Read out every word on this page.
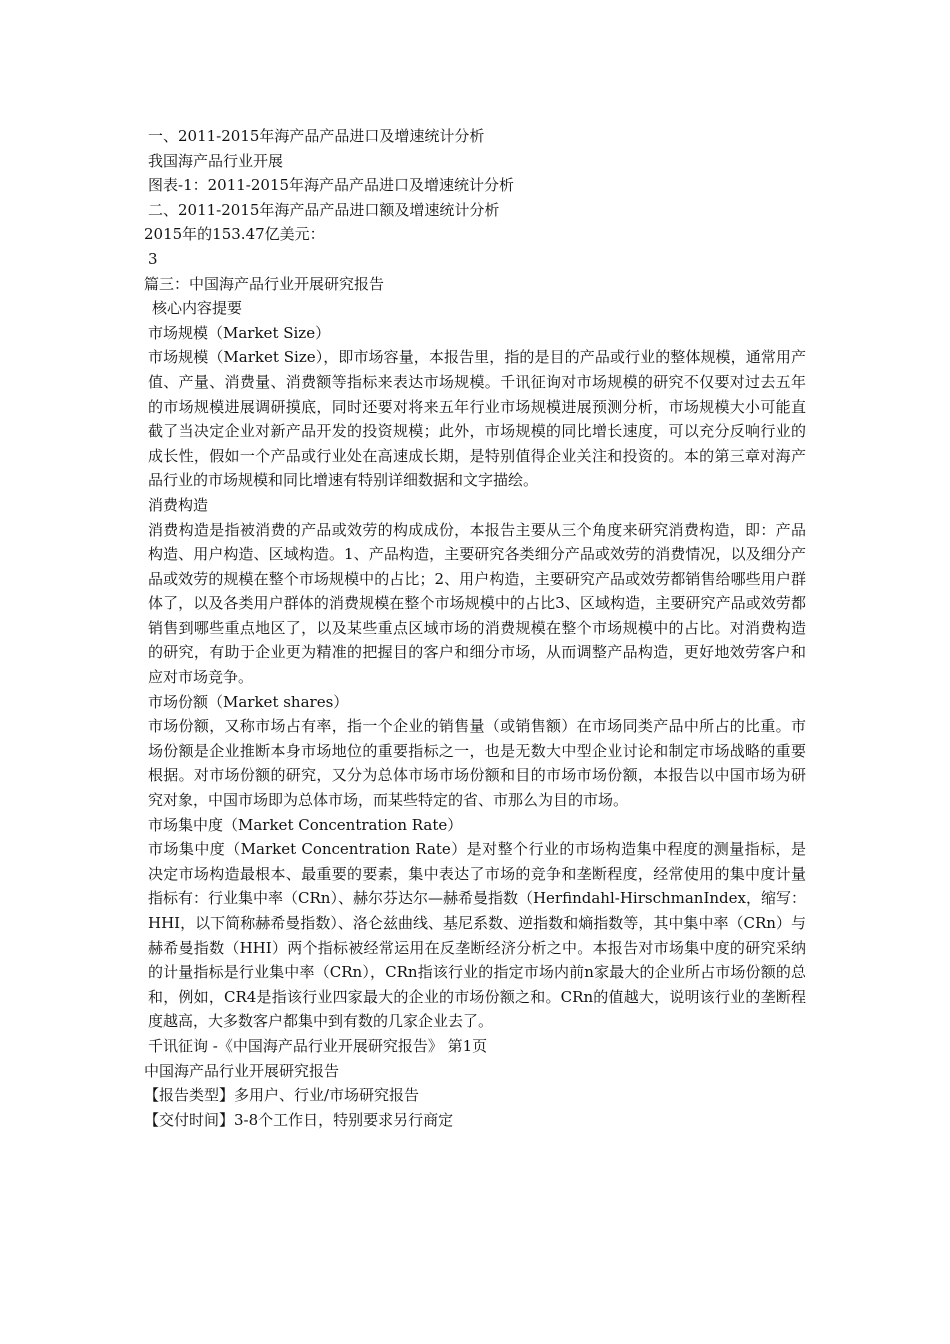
一、2011-2015年海产品产品进口及增速统计分析
我国海产品行业开展
图表-1：2011-2015年海产品产品进口及增速统计分析
二、2011-2015年海产品产品进口额及增速统计分析
2015年的153.47亿美元：
3
篇三：中国海产品行业开展研究报告
核心内容提要
市场规模（Market Size）

市场规模（Market Size），即市场容量，本报告里，指的是目的产品或行业的整体规模，通常用产值、产量、消费量、消费额等指标来表达市场规模。千讯征询对市场规模的研究不仅要对过去五年的市场规模进展调研摸底，同时还要对将来五年行业市场规模进展预测分析，市场规模大小可能直截了当决定企业对新产品开发的投资规模；此外，市场规模的同比增长速度，可以充分反响行业的成长性，假如一个产品或行业处在高速成长期，是特别值得企业关注和投资的。本的第三章对海产品行业的市场规模和同比增速有特别详细数据和文字描绘。

消费构造

消费构造是指被消费的产品或效劳的构成成份，本报告主要从三个角度来研究消费构造，即：产品构造、用户构造、区域构造。1、产品构造，主要研究各类细分产品或效劳的消费情况，以及细分产品或效劳的规模在整个市场规模中的占比；2、用户构造，主要研究产品或效劳都销售给哪些用户群体了，以及各类用户群体的消费规模在整个市场规模中的占比3、区域构造，主要研究产品或效劳都销售到哪些重点地区了，以及某些重点区域市场的消费规模在整个市场规模中的占比。对消费构造的研究，有助于企业更为精准的把握目的客户和细分市场，从而调整产品构造，更好地效劳客户和应对市场竞争。

市场份额（Market shares）

市场份额，又称市场占有率，指一个企业的销售量（或销售额）在市场同类产品中所占的比重。市场份额是企业推断本身市场地位的重要指标之一，也是无数大中型企业讨论和制定市场战略的重要根据。对市场份额的研究，又分为总体市场市场份额和目的市场市场份额，本报告以中国市场为研究对象，中国市场即为总体市场，而某些特定的省、市那么为目的市场。

市场集中度（Market Concentration Rate）

市场集中度（Market Concentration Rate）是对整个行业的市场构造集中程度的测量指标，是决定市场构造最根本、最重要的要素，集中表达了市场的竞争和垄断程度，经常使用的集中度计量指标有：行业集中率（CRn）、赫尔芬达尔—赫希曼指数（Herfindahl-HirschmanIndex，缩写：HHI，以下简称赫希曼指数）、洛仑兹曲线、基尼系数、逆指数和熵指数等，其中集中率（CRn）与赫希曼指数（HHI）两个指标被经常运用在反垄断经济分析之中。本报告对市场集中度的研究采纳的计量指标是行业集中率（CRn），CRn指该行业的指定市场内前n家最大的企业所占市场份额的总和，例如，CR4是指该行业四家最大的企业的市场份额之和。CRn的值越大，说明该行业的垄断程度越高，大多数客户都集中到有数的几家企业去了。

千讯征询 -《中国海产品行业开展研究报告》 第1页
中国海产品行业开展研究报告
【报告类型】多用户、行业/市场研究报告
【交付时间】3-8个工作日，特别要求另行商定
